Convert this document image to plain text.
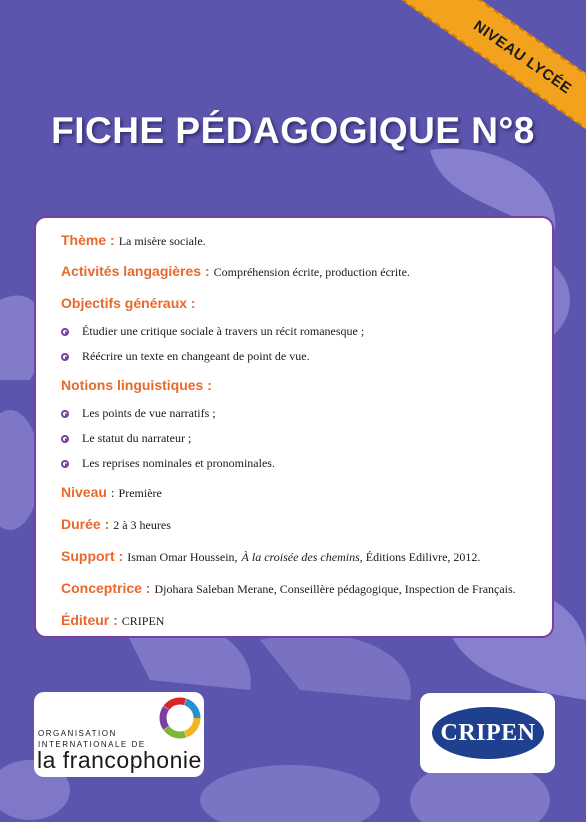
NIVEAU LYCÉE
FICHE PÉDAGOGIQUE N°8
Thème : La misère sociale.
Activités langagières : Compréhension écrite, production écrite.
Objectifs généraux :
Étudier une critique sociale à travers un récit romanesque ;
Réécrire un texte en changeant de point de vue.
Notions linguistiques :
Les points de vue narratifs ;
Le statut du narrateur ;
Les reprises nominales et pronominales.
Niveau : Première
Durée : 2 à 3 heures
Support : Isman Omar Houssein, À la croisée des chemins, Éditions Edilivre, 2012.
Conceptrice : Djohara Saleban Merane, Conseillère pédagogique, Inspection de Français.
Éditeur : CRIPEN
ORGANISATION
INTERNATIONALE DE
la francophonie
CRIPEN
